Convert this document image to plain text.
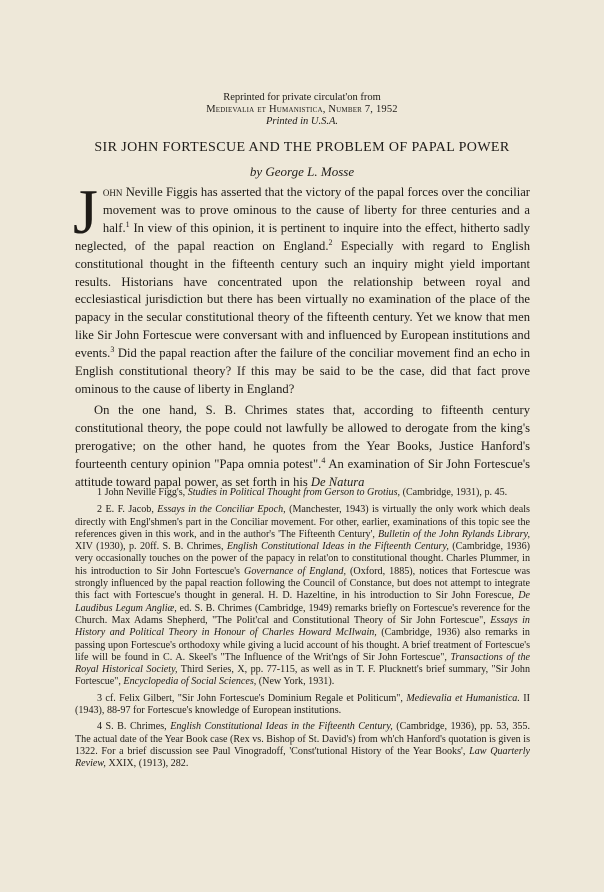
Reprinted for private circulat'on from
Medievalia et Humanistica, Number 7, 1952
Printed in U.S.A.
SIR JOHN FORTESCUE AND THE PROBLEM OF PAPAL POWER
by George L. Mosse

John Neville Figgis has asserted that the victory of the papal forces over the conciliar movement was to prove ominous to the cause of liberty for three centuries and a half.$^1$ In view of this opinion, it is pertinent to inquire into the effect, hitherto sadly neglected, of the papal reaction on England.$^2$ Especially with regard to English constitutional thought in the fifteenth century such an inquiry might yield important results. Historians have concentrated upon the relationship between royal and ecclesiastical jurisdiction but there has been virtually no examination of the place of the papacy in the secular constitutional theory of the fifteenth century. Yet we know that men like Sir John Fortescue were conversant with and influenced by European institutions and events.$^3$ Did the papal reaction after the failure of the conciliar movement find an echo in English constitutional theory? If this may be said to be the case, did that fact prove ominous to the cause of liberty in England?

On the one hand, S. B. Chrimes states that, according to fifteenth century constitutional theory, the pope could not lawfully be allowed to derogate from the king's prerogative; on the other hand, he quotes from the Year Books, Justice Hanford's fourteenth century opinion "Papa omnia potest".$^4$ An examination of Sir John Fortescue's attitude toward papal power, as set forth in his De Natura

1 John Neville Figg's, Studies in Political Thought from Gerson to Grotius, (Cambridge, 1931), p. 45.

2 E. F. Jacob, Essays in the Conciliar Epoch, (Manchester, 1943) is virtually the only work which deals directly with Engl'shmen's part in the Conciliar movement. For other, earlier, examinations of this topic see the references given in this work, and in the author's 'The Fifteenth Century', Bulletin of the John Rylands Library, XIV (1930), p. 20ff. S. B. Chrimes, English Constitutional Ideas in the Fifteenth Century, (Cambridge, 1936) very occasionally touches on the power of the papacy in relat'on to constitutional thought. Charles Plummer, in his introduction to Sir John Fortescue's Governance of England, (Oxford, 1885), notices that Fortescue was strongly influenced by the papal reaction following the Council of Constance, but does not attempt to integrate this fact with Fortescue's thought in general. H. D. Hazeltine, in his introduction to Sir John Forescue, De Laudibus Legum Angliæ, ed. S. B. Chrimes (Cambridge, 1949) remarks briefly on Fortescue's reverence for the Church. Max Adams Shepherd, "The Polit'cal and Constitutional Theory of Sir John Fortescue", Essays in History and Political Theory in Honour of Charles Howard McIlwain, (Cambridge, 1936) also remarks in passing upon Fortescue's orthodoxy while giving a lucid account of his thought. A brief treatment of Fortescue's life will be found in C. A. Skeel's "The Influence of the Writ'ngs of Sir John Fortescue", Transactions of the Royal Historical Society, Third Series, X, pp. 77-115, as well as in T. F. Plucknett's brief summary, "Sir John Fortescue", Encyclopedia of Social Sciences, (New York, 1931).

3 cf. Felix Gilbert, "Sir John Fortescue's Dominium Regale et Politicum", Medievalia et Humanistica. II (1943), 88-97 for Fortescue's knowledge of European institutions.

4 S. B. Chrimes, English Constitutional Ideas in the Fifteenth Century, (Cambridge, 1936), pp. 53, 355. The actual date of the Year Book case (Rex vs. Bishop of St. David's) from wh'ch Hanford's quotation is given is 1322. For a brief discussion see Paul Vinogradoff, 'Const'tutional History of the Year Books', Law Quarterly Review, XXIX, (1913), 282.
